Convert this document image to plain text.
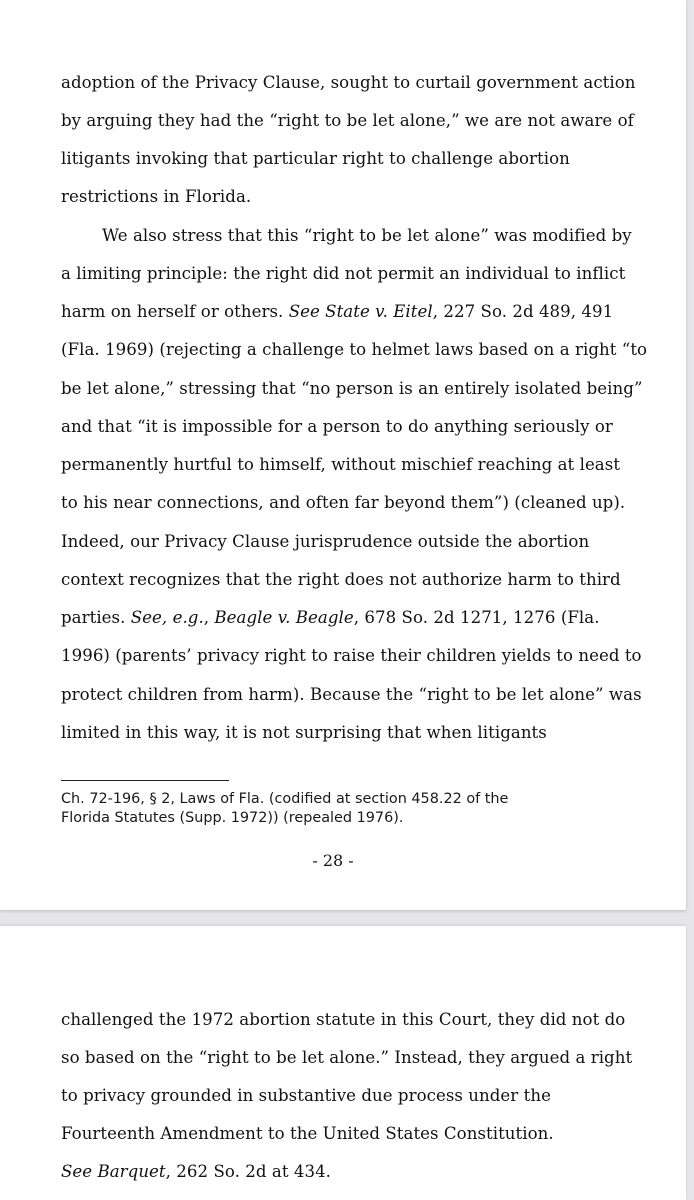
adoption of the Privacy Clause, sought to curtail government action
by arguing they had the “right to be let alone,” we are not aware of
litigants invoking that particular right to challenge abortion
restrictions in Florida.
We also stress that this “right to be let alone” was modified by
a limiting principle: the right did not permit an individual to inflict
harm on herself or others. See State v. Eitel, 227 So. 2d 489, 491
(Fla. 1969) (rejecting a challenge to helmet laws based on a right “to
be let alone,” stressing that “no person is an entirely isolated being”
and that “it is impossible for a person to do anything seriously or
permanently hurtful to himself, without mischief reaching at least
to his near connections, and often far beyond them”) (cleaned up).
Indeed, our Privacy Clause jurisprudence outside the abortion
context recognizes that the right does not authorize harm to third
parties. See, e.g., Beagle v. Beagle, 678 So. 2d 1271, 1276 (Fla.
1996) (parents’ privacy right to raise their children yields to need to
protect children from harm). Because the “right to be let alone” was
limited in this way, it is not surprising that when litigants
Ch. 72-196, § 2, Laws of Fla. (codified at section 458.22 of the
Florida Statutes (Supp. 1972)) (repealed 1976).
- 28 -
challenged the 1972 abortion statute in this Court, they did not do
so based on the “right to be let alone.” Instead, they argued a right
to privacy grounded in substantive due process under the
Fourteenth Amendment to the United States Constitution.
See Barquet, 262 So. 2d at 434.
